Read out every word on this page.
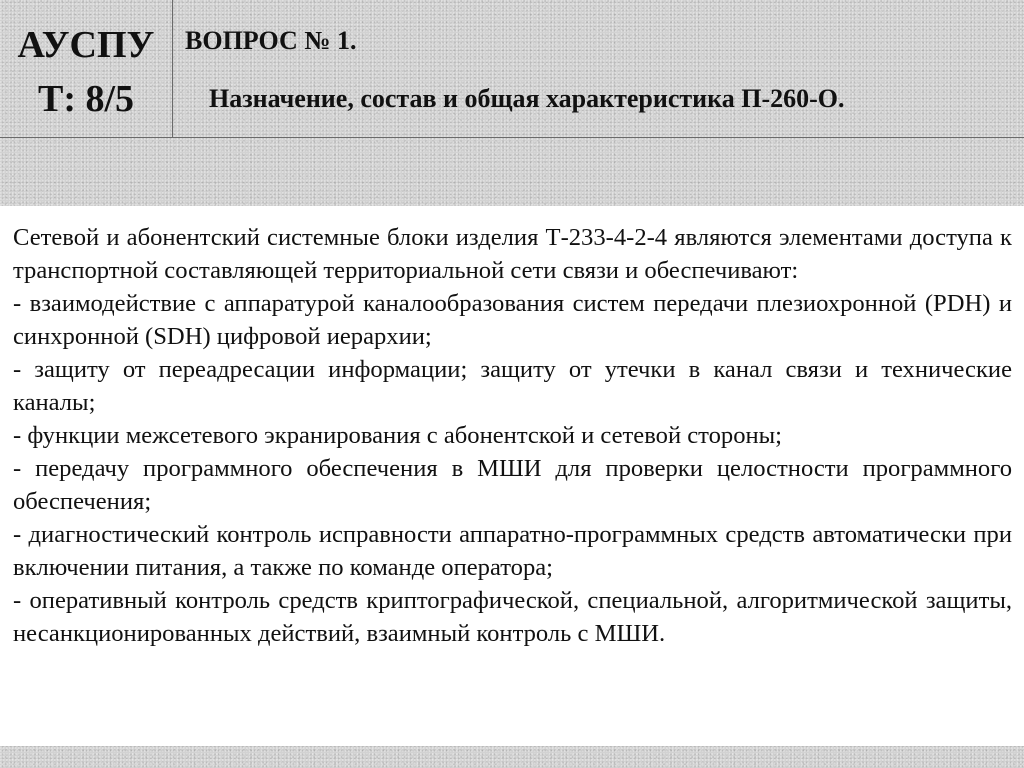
АУСПУ
Т: 8/5
ВОПРОС № 1.
Назначение, состав и общая характеристика П-260-О.

Сетевой и абонентский системные блоки изделия Т-233-4-2-4 являются элементами доступа к транспортной составляющей территориальной сети связи и обеспечивают:

- взаимодействие с аппаратурой каналообразования систем передачи плезиохронной (PDH) и синхронной (SDH) цифровой иерархии;

- защиту от переадресации информации; защиту от утечки в канал связи и технические каналы;

- функции межсетевого экранирования с абонентской и сетевой стороны;

- передачу программного обеспечения в МШИ для проверки целостности программного обеспечения;

- диагностический контроль исправности аппаратно-программных средств автоматически при включении питания, а также по команде оператора;

- оперативный контроль средств криптографической, специальной, алгоритмической защиты, несанкционированных действий, взаимный контроль с МШИ.
